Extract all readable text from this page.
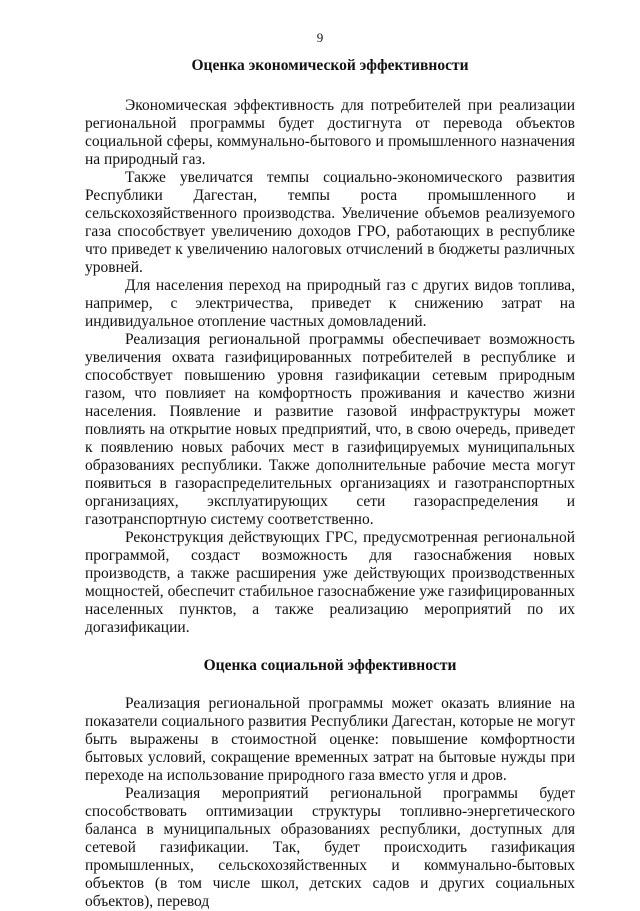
9
Оценка экономической эффективности

Экономическая эффективность для потребителей при реализации региональной программы будет достигнута от перевода объектов социальной сферы, коммунально-бытового и промышленного назначения на природный газ.

Также увеличатся темпы социально-экономического развития Республики Дагестан, темпы роста промышленного и сельскохозяйственного производства. Увеличение объемов реализуемого газа способствует увеличению доходов ГРО, работающих в республике что приведет к увеличению налоговых отчислений в бюджеты различных уровней.

Для населения переход на природный газ с других видов топлива, например, с электричества, приведет к снижению затрат на индивидуальное отопление частных домовладений.

Реализация региональной программы обеспечивает возможность увеличения охвата газифицированных потребителей в республике и способствует повышению уровня газификации сетевым природным газом, что повлияет на комфортность проживания и качество жизни населения. Появление и развитие газовой инфраструктуры может повлиять на открытие новых предприятий, что, в свою очередь, приведет к появлению новых рабочих мест в газифицируемых муниципальных образованиях республики. Также дополнительные рабочие места могут появиться в газораспределительных организациях и газотранспортных организациях, эксплуатирующих сети газораспределения и газотранспортную систему соответственно.

Реконструкция действующих ГРС, предусмотренная региональной программой, создаст возможность для газоснабжения новых производств, а также расширения уже действующих производственных мощностей, обеспечит стабильное газоснабжение уже газифицированных населенных пунктов, а также реализацию мероприятий по их догазификации.

Оценка социальной эффективности

Реализация региональной программы может оказать влияние на показатели социального развития Республики Дагестан, которые не могут быть выражены в стоимостной оценке: повышение комфортности бытовых условий, сокращение временных затрат на бытовые нужды при переходе на использование природного газа вместо угля и дров.

Реализация мероприятий региональной программы будет способствовать оптимизации структуры топливно-энергетического баланса в муниципальных образованиях республики, доступных для сетевой газификации. Так, будет происходить газификация промышленных, сельскохозяйственных и коммунально-бытовых объектов (в том числе школ, детских садов и других социальных объектов), перевод
